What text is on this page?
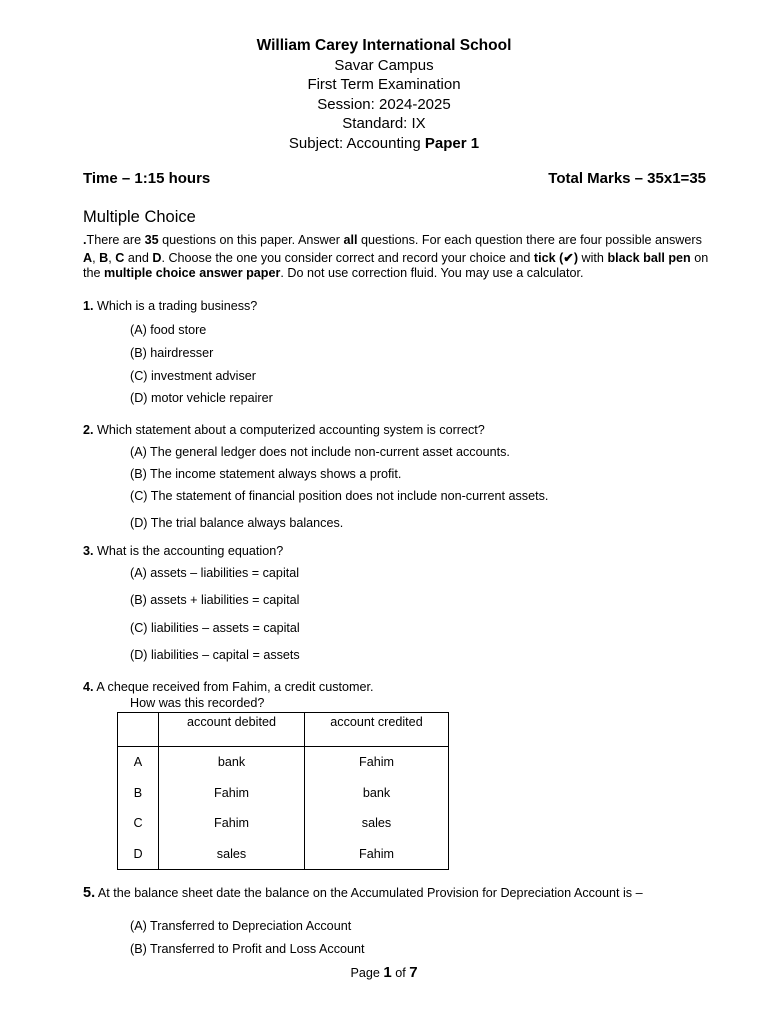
William Carey International School
Savar Campus
First Term Examination
Session: 2024-2025
Standard: IX
Subject: Accounting Paper 1
Time – 1:15 hours	Total Marks – 35x1=35
Multiple Choice
.There are 35 questions on this paper. Answer all questions. For each question there are four possible answers
A, B, C and D. Choose the one you consider correct and record your choice and tick (✔) with black ball pen on
the multiple choice answer paper. Do not use correction fluid. You may use a calculator.
1. Which is a trading business?
(A) food store
(B) hairdresser
(C) investment adviser
(D) motor vehicle repairer
2. Which statement about a computerized accounting system is correct?
(A) The general ledger does not include non-current asset accounts.
(B) The income statement always shows a profit.
(C) The statement of financial position does not include non-current assets.
(D) The trial balance always balances.
3. What is the accounting equation?
(A) assets – liabilities = capital
(B) assets + liabilities = capital
(C) liabilities – assets = capital
(D) liabilities – capital = assets
4. A cheque received from Fahim, a credit customer.
How was this recorded?
	account debited	account credited
A	bank	Fahim
B	Fahim	bank
C	Fahim	sales
D	sales	Fahim
5. At the balance sheet date the balance on the Accumulated Provision for Depreciation Account is –
(A) Transferred to Depreciation Account
(B) Transferred to Profit and Loss Account
Page 1 of 7
